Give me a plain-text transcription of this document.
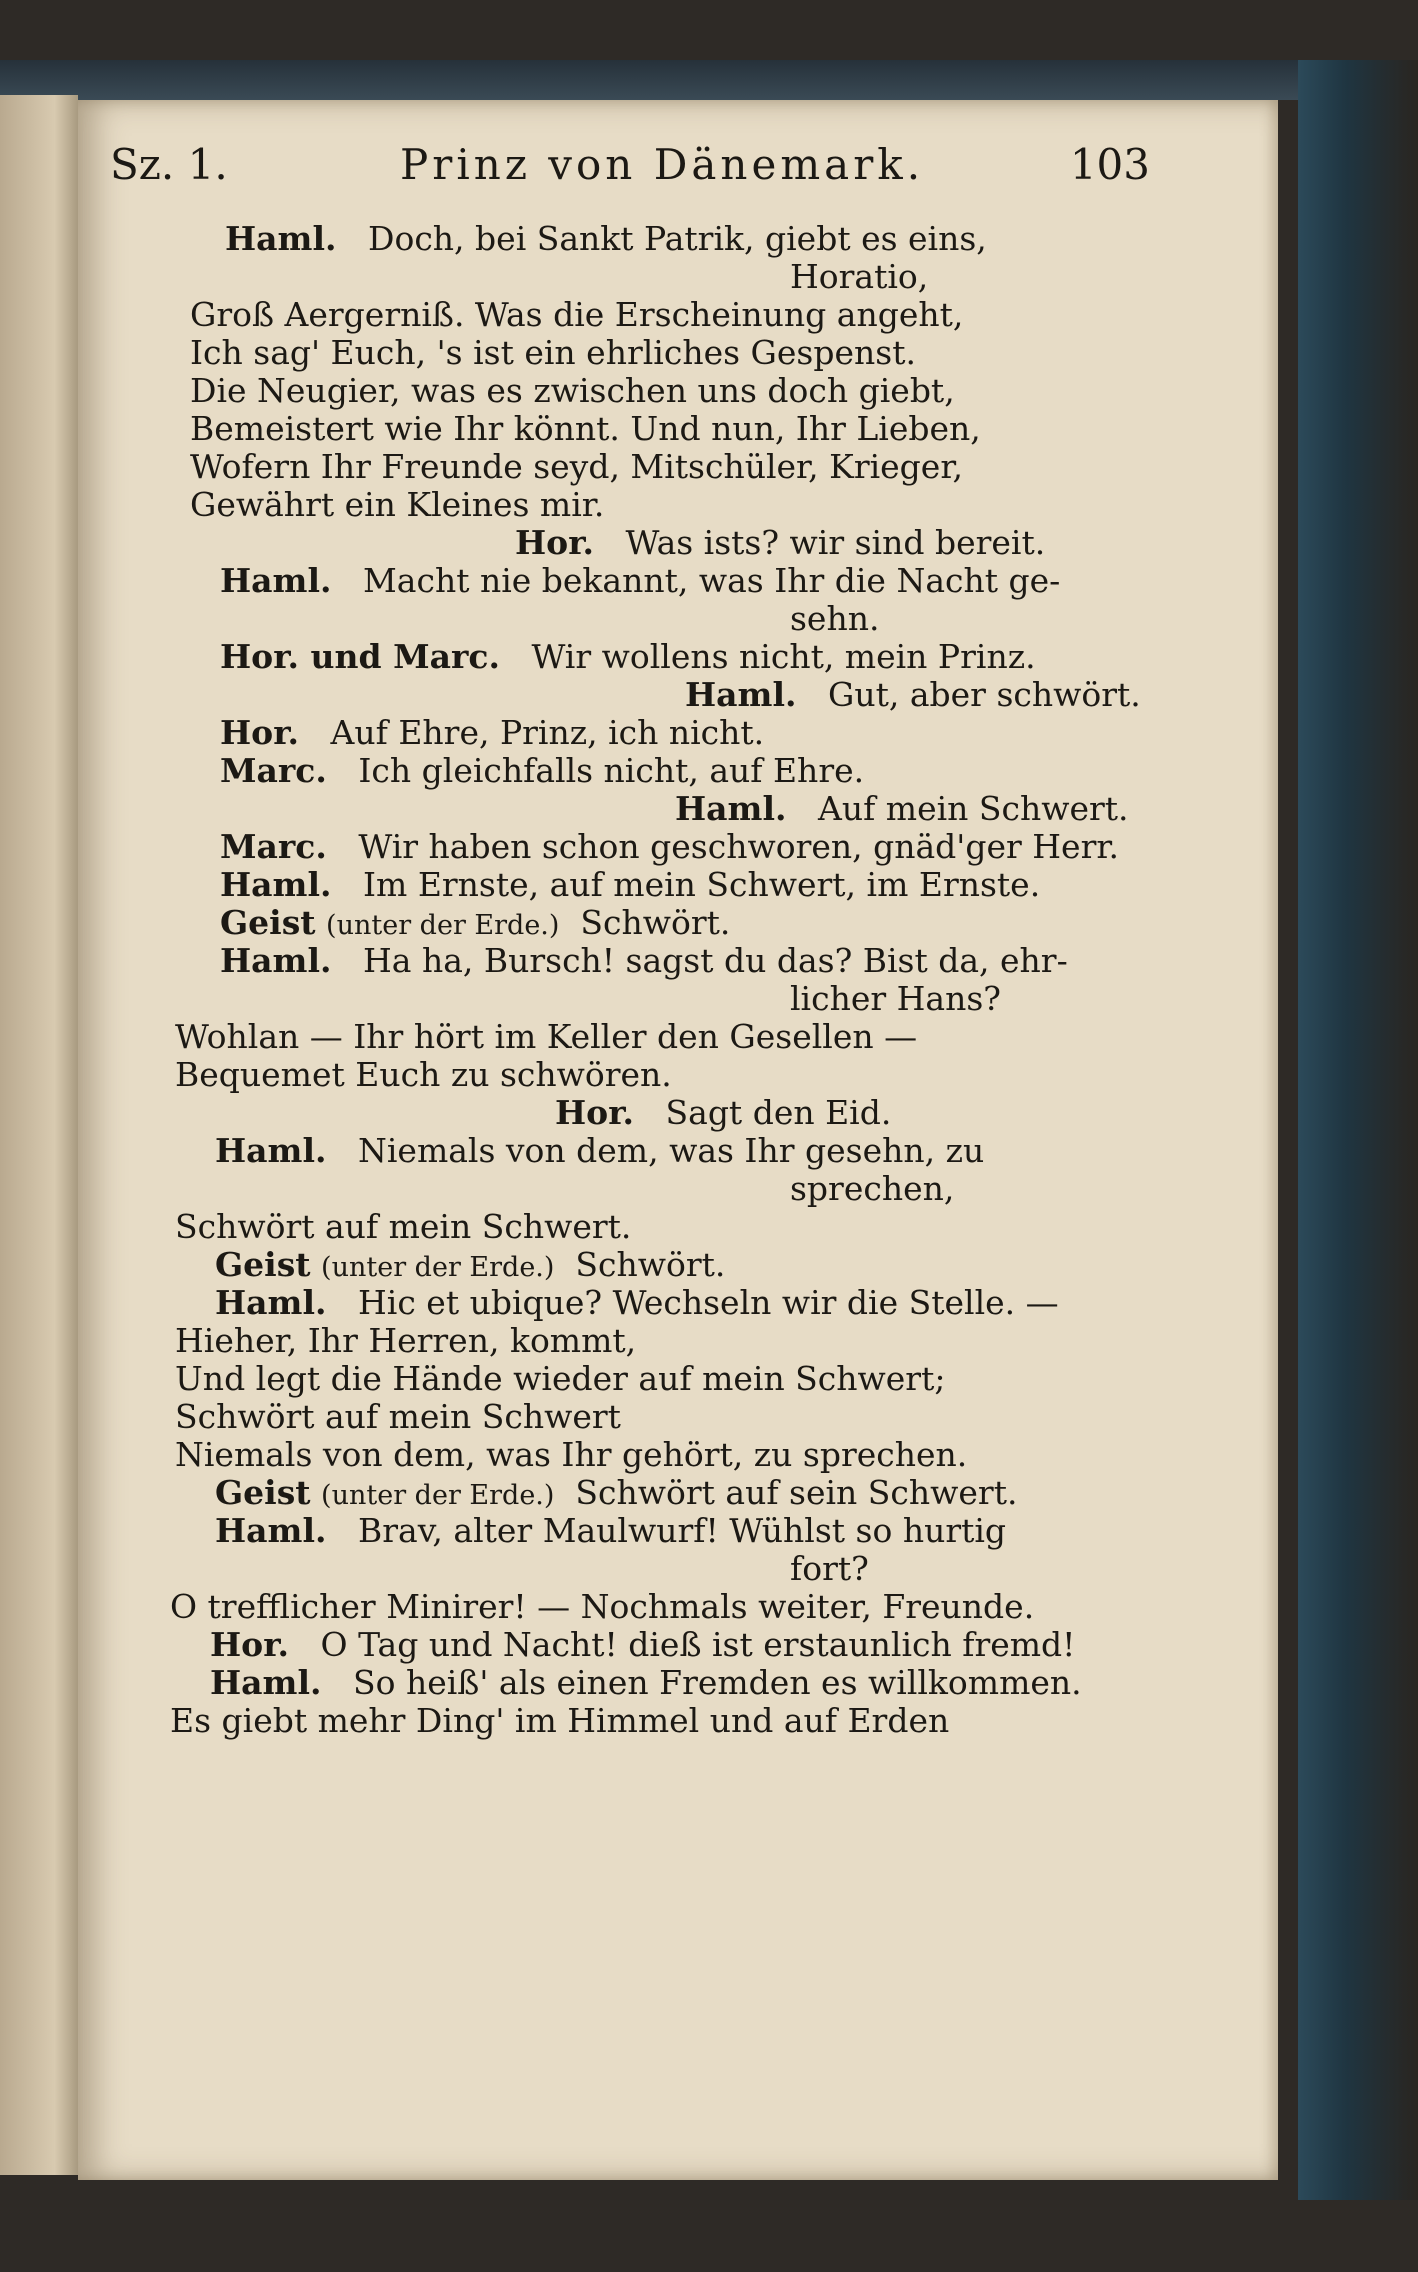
Sz. 1.	Prinz von Dänemark.	103
Haml. Doch, bei Sankt Patrik, giebt es eins,
Horatio,
Groß Aergerniß. Was die Erscheinung angeht,
Ich sag' Euch, 's ist ein ehrliches Gespenst.
Die Neugier, was es zwischen uns doch giebt,
Bemeistert wie Ihr könnt. Und nun, Ihr Lieben,
Wofern Ihr Freunde seyd, Mitschüler, Krieger,
Gewährt ein Kleines mir.
Hor. Was ists? wir sind bereit.
Haml. Macht nie bekannt, was Ihr die Nacht ge-
sehn.
Hor. und Marc. Wir wollens nicht, mein Prinz.
Haml. Gut, aber schwört.
Hor. Auf Ehre, Prinz, ich nicht.
Marc. Ich gleichfalls nicht, auf Ehre.
Haml. Auf mein Schwert.
Marc. Wir haben schon geschworen, gnäd'ger Herr.
Haml. Im Ernste, auf mein Schwert, im Ernste.
Geist (unter der Erde.) Schwört.
Haml. Ha ha, Bursch! sagst du das? Bist da, ehr-
licher Hans?
Wohlan — Ihr hört im Keller den Gesellen —
Bequemet Euch zu schwören.
Hor. Sagt den Eid.
Haml. Niemals von dem, was Ihr gesehn, zu
sprechen,
Schwört auf mein Schwert.
Geist (unter der Erde.) Schwört.
Haml. Hic et ubique? Wechseln wir die Stelle. —
Hieher, Ihr Herren, kommt,
Und legt die Hände wieder auf mein Schwert;
Schwört auf mein Schwert
Niemals von dem, was Ihr gehört, zu sprechen.
Geist (unter der Erde.) Schwört auf sein Schwert.
Haml. Brav, alter Maulwurf! Wühlst so hurtig
fort?
O trefflicher Minirer! — Nochmals weiter, Freunde.
Hor. O Tag und Nacht! dieß ist erstaunlich fremd!
Haml. So heiß' als einen Fremden es willkommen.
Es giebt mehr Ding' im Himmel und auf Erden
